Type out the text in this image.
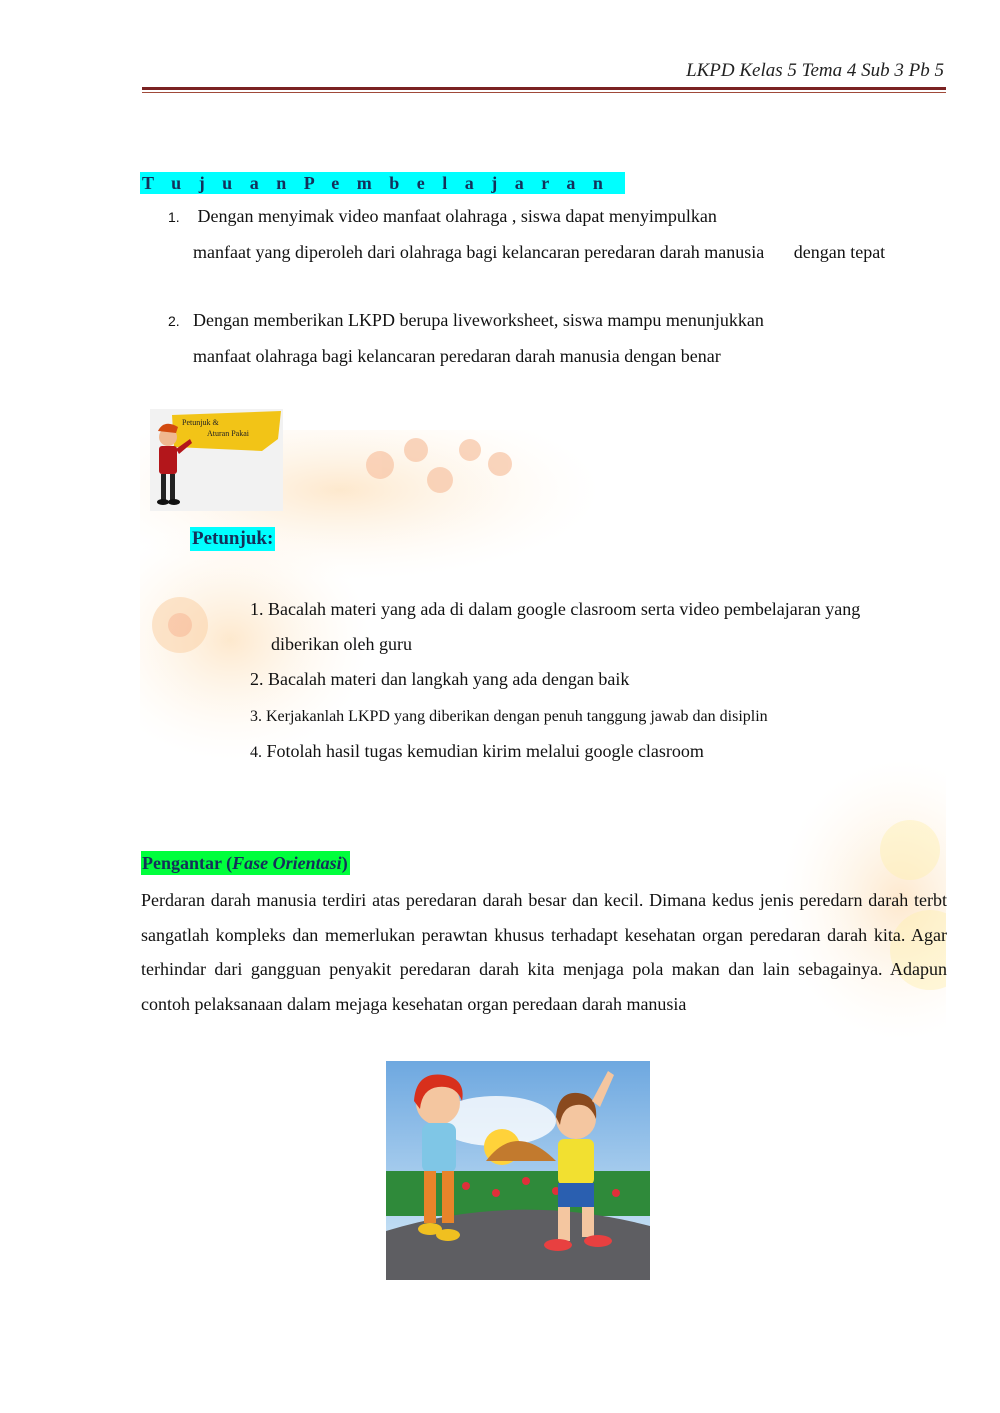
LKPD Kelas 5 Tema 4 Sub 3 Pb 5
T u j u a n P e m b e l a j a r a n
1. Dengan menyimak video manfaat olahraga , siswa dapat menyimpulkan
manfaat yang diperoleh dari olahraga bagi kelancaran peredaran darah manusia dengan tepat
2. Dengan memberikan LKPD berupa liveworksheet, siswa mampu menunjukkan
manfaat olahraga bagi kelancaran peredaran darah manusia dengan benar
Petunjuk &
Aturan Pakai
Petunjuk:
1. Bacalah materi yang ada di dalam google clasroom serta video pembelajaran yang
diberikan oleh guru
2. Bacalah materi dan langkah yang ada dengan baik
3. Kerjakanlah LKPD yang diberikan dengan penuh tanggung jawab dan disiplin
4. Fotolah hasil tugas kemudian kirim melalui google clasroom
Pengantar (Fase Orientasi)
Perdaran darah manusia terdiri atas peredaran darah besar dan kecil. Dimana kedus jenis peredarn darah terbt sangatlah kompleks dan memerlukan perawtan khusus terhadapt kesehatan organ peredaran darah kita. Agar terhindar dari gangguan penyakit peredaran darah kita menjaga pola makan dan lain sebagainya. Adapun contoh pelaksanaan dalam mejaga kesehatan organ peredaan darah manusia
